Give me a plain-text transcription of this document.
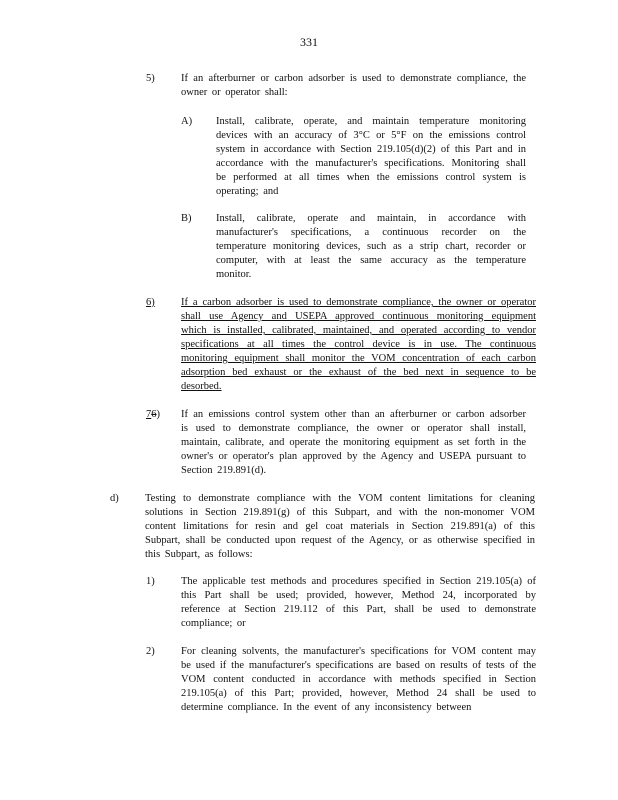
331
5)	If an afterburner or carbon adsorber is used to demonstrate compliance, the owner or operator shall:
A) Install, calibrate, operate, and maintain temperature monitoring devices with an accuracy of 3°C or 5°F on the emissions control system in accordance with Section 219.105(d)(2) of this Part and in accordance with the manufacturer's specifications. Monitoring shall be performed at all times when the emissions control system is operating; and
B) Install, calibrate, operate and maintain, in accordance with manufacturer's specifications, a continuous recorder on the temperature monitoring devices, such as a strip chart, recorder or computer, with at least the same accuracy as the temperature monitor.
6)	If a carbon adsorber is used to demonstrate compliance, the owner or operator shall use Agency and USEPA approved continuous monitoring equipment which is installed, calibrated, maintained, and operated according to vendor specifications at all times the control device is in use. The continuous monitoring equipment shall monitor the VOM concentration of each carbon adsorption bed exhaust or the exhaust of the bed next in sequence to be desorbed.
76) If an emissions control system other than an afterburner or carbon adsorber is used to demonstrate compliance, the owner or operator shall install, maintain, calibrate, and operate the monitoring equipment as set forth in the owner's or operator's plan approved by the Agency and USEPA pursuant to Section 219.891(d).
d)	Testing to demonstrate compliance with the VOM content limitations for cleaning solutions in Section 219.891(g) of this Subpart, and with the non-monomer VOM content limitations for resin and gel coat materials in Section 219.891(a) of this Subpart, shall be conducted upon request of the Agency, or as otherwise specified in this Subpart, as follows:
1)	The applicable test methods and procedures specified in Section 219.105(a) of this Part shall be used; provided, however, Method 24, incorporated by reference at Section 219.112 of this Part, shall be used to demonstrate compliance; or
2)	For cleaning solvents, the manufacturer's specifications for VOM content may be used if the manufacturer's specifications are based on results of tests of the VOM content conducted in accordance with methods specified in Section 219.105(a) of this Part; provided, however, Method 24 shall be used to determine compliance. In the event of any inconsistency between
